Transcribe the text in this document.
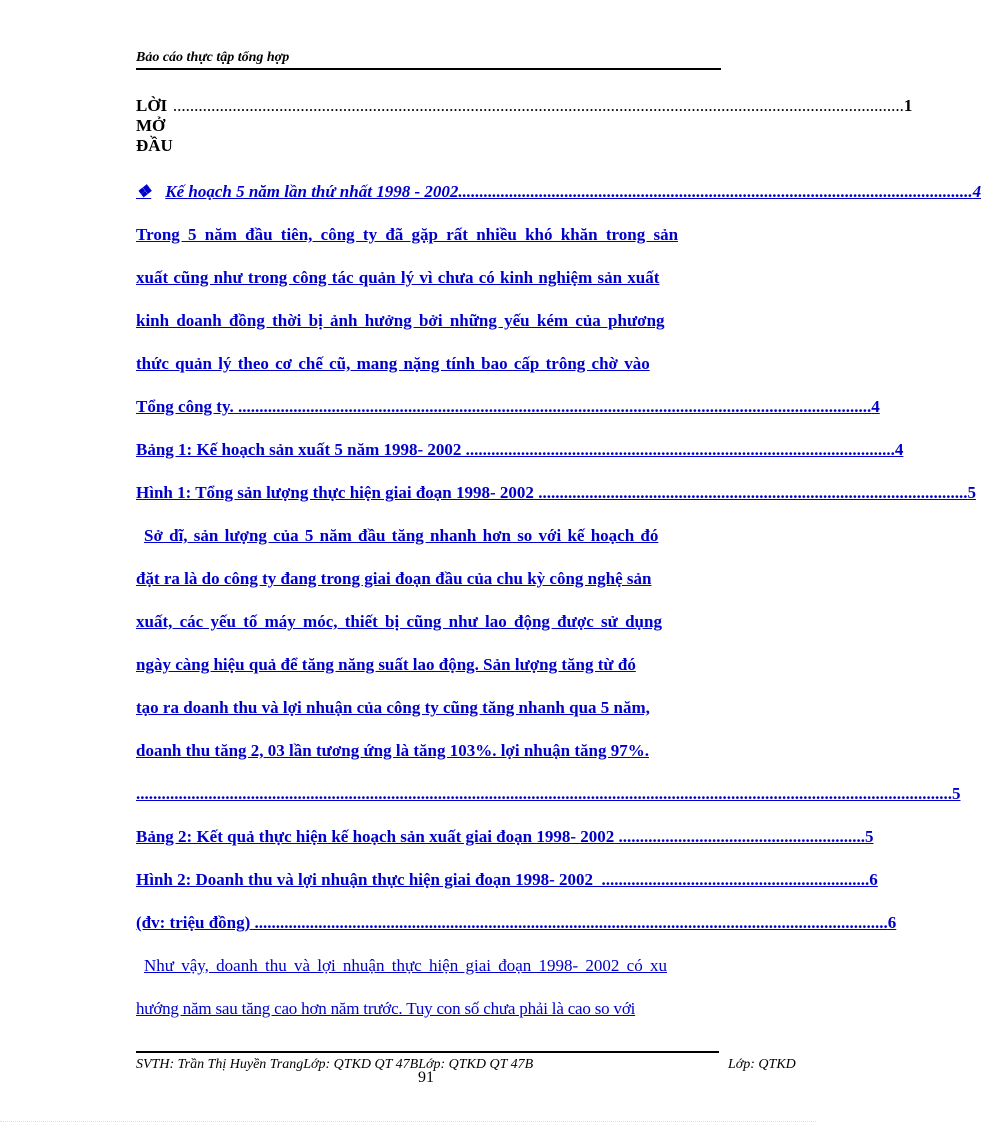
Bảo cáo thực tập tổng hợp
LỜI MỞ ĐẦU
............................................................................................................................................................................ 1
❖ Kế hoạch 5 năm lần thứ nhất 1998 - 2002 ......................................................................................................................... 4
Trong 5 năm đầu tiên, công ty đã gặp rất nhiều khó khăn trong sản
xuất cũng như trong công tác quản lý vì chưa có kinh nghiệm sản xuất
kinh doanh đồng thời bị ảnh hưởng bởi những yếu kém của phương
thức quản lý theo cơ chế cũ, mang nặng tính bao cấp trông chờ vào
Tổng công ty. ..................................................................................................................................................... 4
Bảng 1: Kế hoạch sản xuất 5 năm 1998- 2002 ..................................................................................................... 4
Hình 1: Tổng sản lượng thực hiện giai đoạn 1998- 2002 ..................................................................................................... 5
Sở dĩ, sản lượng của 5 năm đầu tăng nhanh hơn so với kế hoạch đó
đặt ra là do công ty đang trong giai đoạn đầu của chu kỳ công nghệ sản
xuất, các yếu tố máy móc, thiết bị cũng như lao động được sử dụng
ngày càng hiệu quả để tăng năng suất lao động. Sản lượng tăng từ đó
tạo ra doanh thu và lợi nhuận của công ty cũng tăng nhanh qua 5 năm,
doanh thu tăng 2, 03 lần tương ứng là tăng 103%. lợi nhuận tăng 97%.
................................................................................................................................................................................................ 5
Bảng 2: Kết quả thực hiện kế hoạch sản xuất giai đoạn 1998- 2002 .......................................................... 5
Hình 2: Doanh thu và lợi nhuận thực hiện giai đoạn 1998- 2002 ............................................................... 6
(đv: triệu đồng) ..................................................................................................................................................... 6
Như vậy, doanh thu và lợi nhuận thực hiện giai đoạn 1998- 2002 có xu
hướng năm sau tăng cao hơn năm trước. Tuy con số chưa phải là cao so với
SVTH: Trần Thị Huyền TrangLớp: QTKD QT 47BLớp: QTKD QT 47B	Lớp: QTKD
91
